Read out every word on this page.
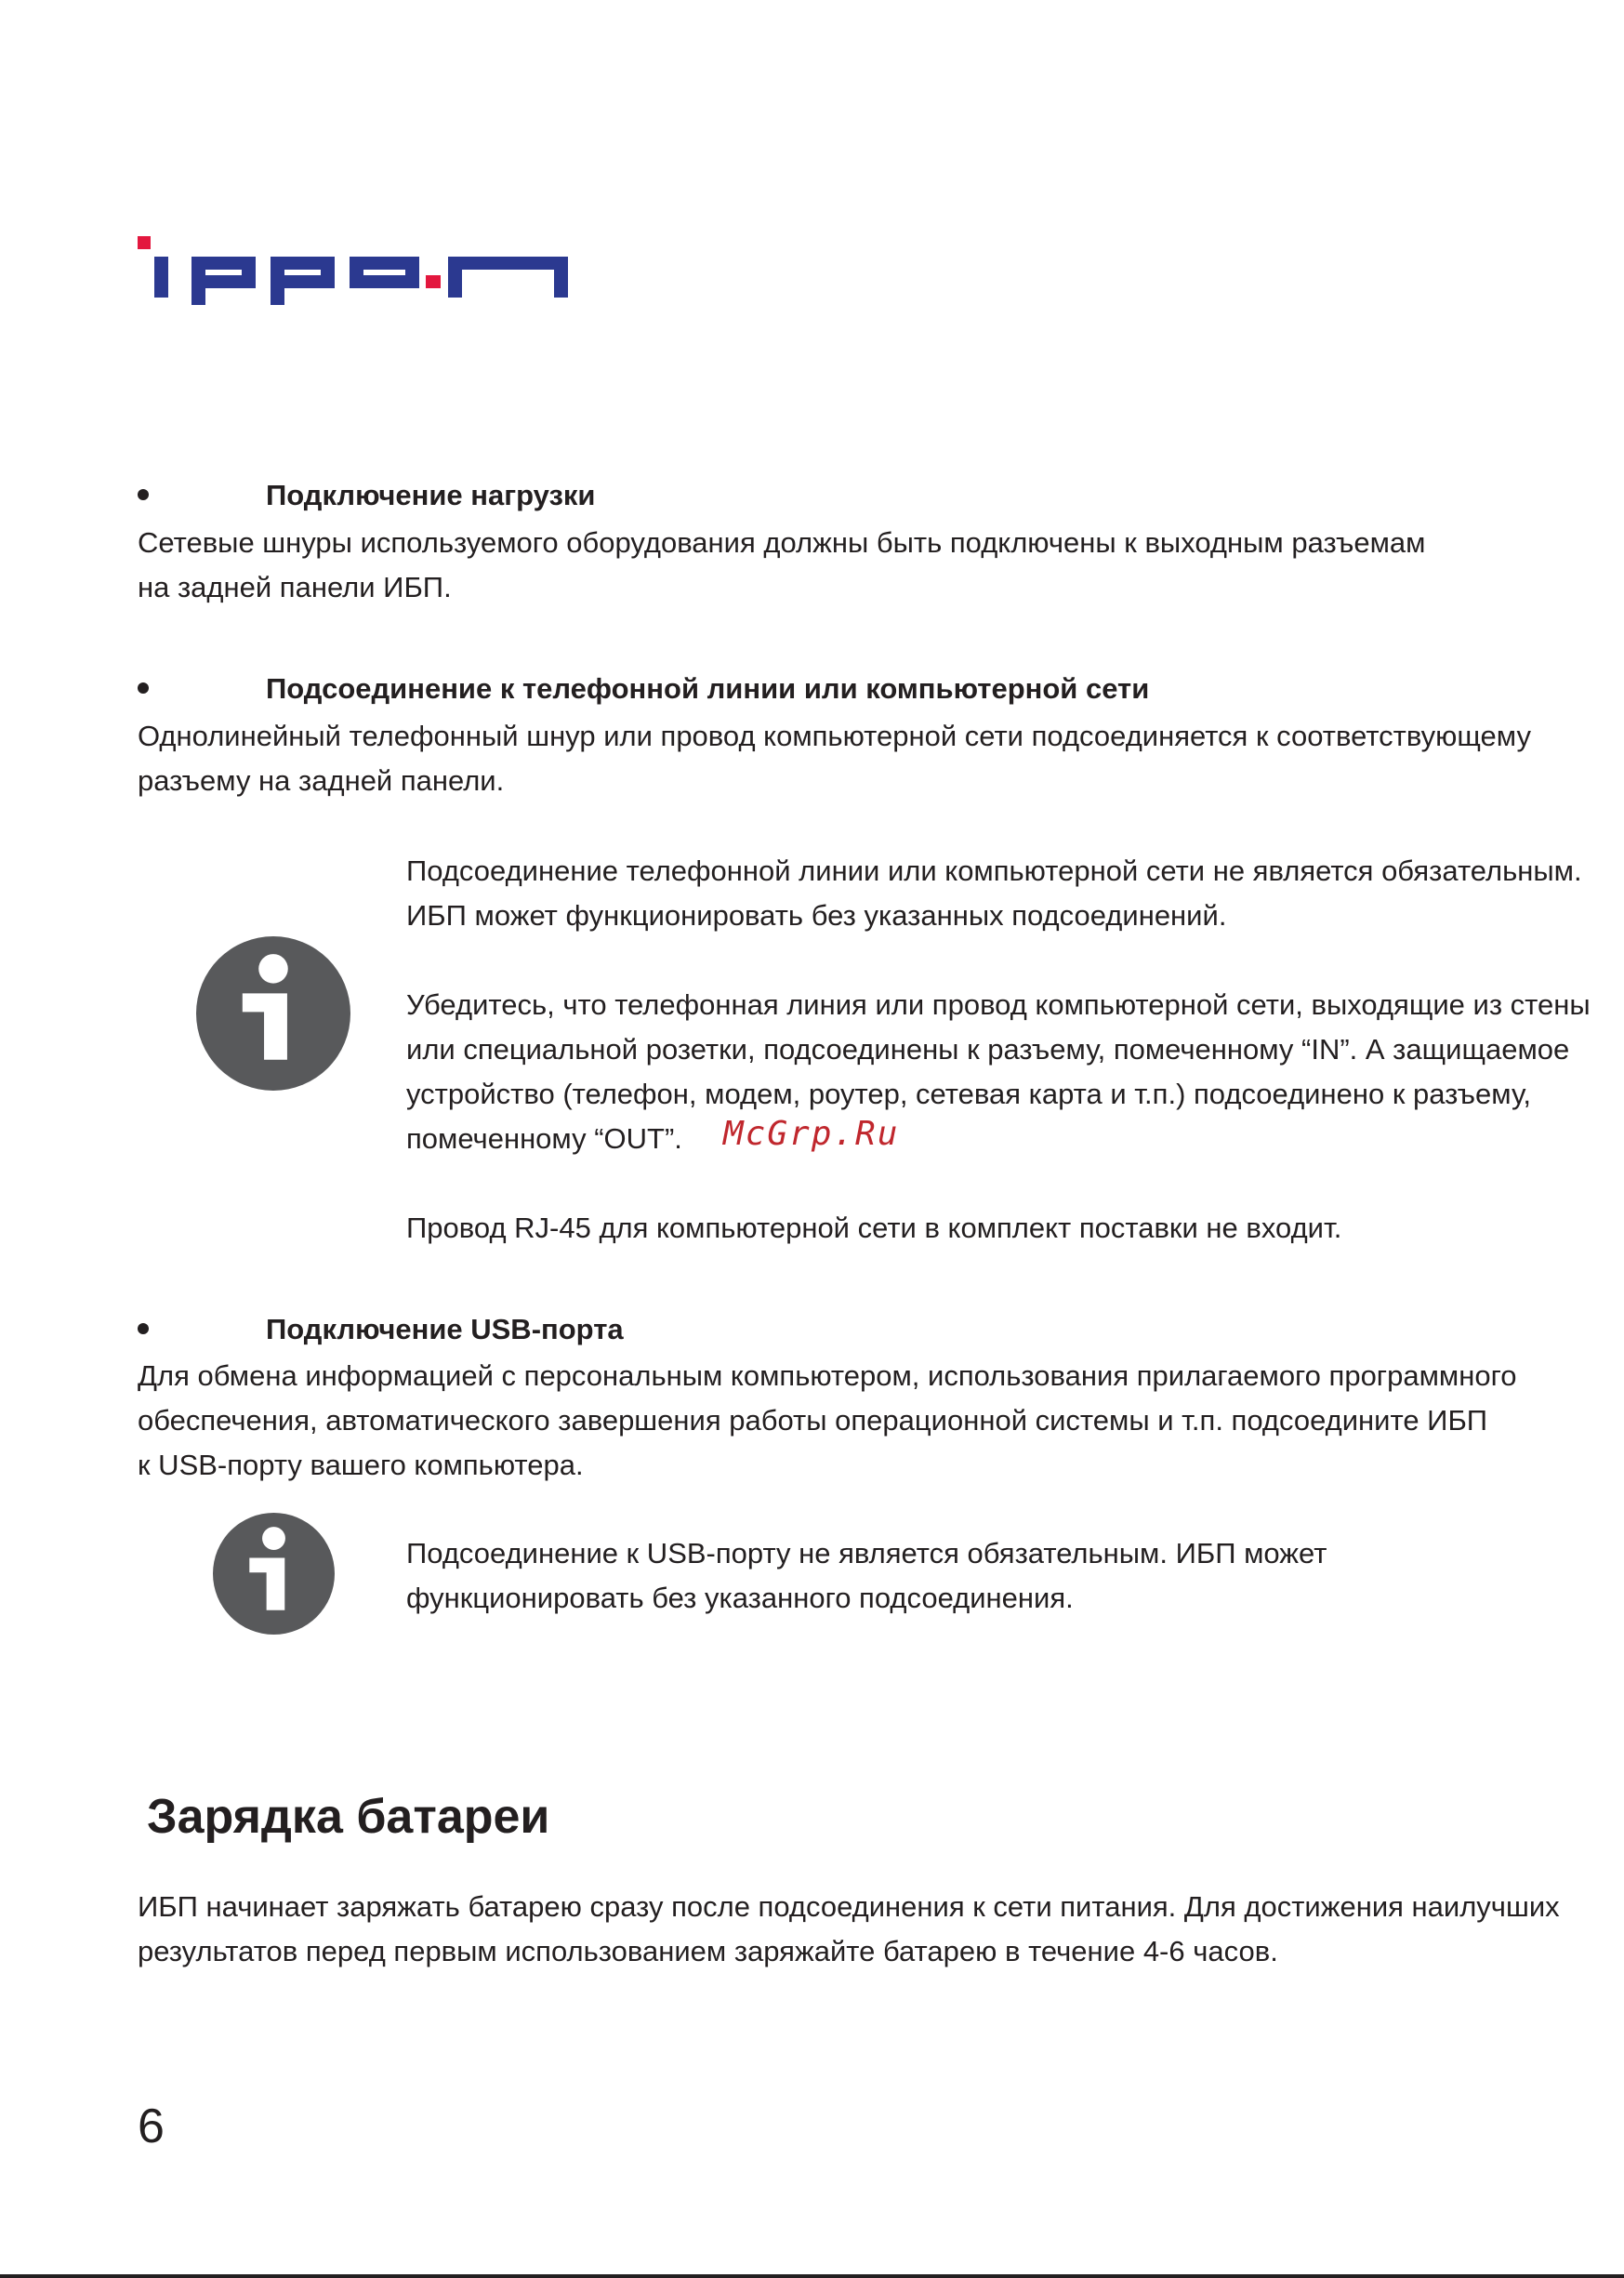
Подключение нагрузки
Сетевые шнуры используемого оборудования должны быть подключены к выходным разъемам
на задней панели ИБП.
Подсоединение к телефонной линии или компьютерной сети
Однолинейный телефонный шнур или провод компьютерной сети подсоединяется к соответствующему
разъему на задней панели.
Подсоединение телефонной линии или компьютерной сети не является обязательным.
ИБП может функционировать без указанных подсоединений.

Убедитесь, что телефонная линия или провод компьютерной сети, выходящие из стены
или специальной розетки, подсоединены к разъему, помеченному “IN”. А защищаемое
устройство (телефон, модем, роутер, сетевая карта и т.п.) подсоединено к разъему,
помеченному “OUT”.

Провод RJ-45 для компьютерной сети в комплект поставки не входит.
McGrp.Ru
Подключение USB-порта
Для обмена информацией с персональным компьютером, использования прилагаемого программного
обеспечения, автоматического завершения работы операционной системы и т.п. подсоедините ИБП
к USB-порту вашего компьютера.
Подсоединение к USB-порту не является обязательным. ИБП может
функционировать без указанного подсоединения.
Зарядка батареи
ИБП начинает заряжать батарею сразу после подсоединения к сети питания. Для достижения наилучших
результатов перед первым использованием заряжайте батарею в течение 4-6 часов.
6
